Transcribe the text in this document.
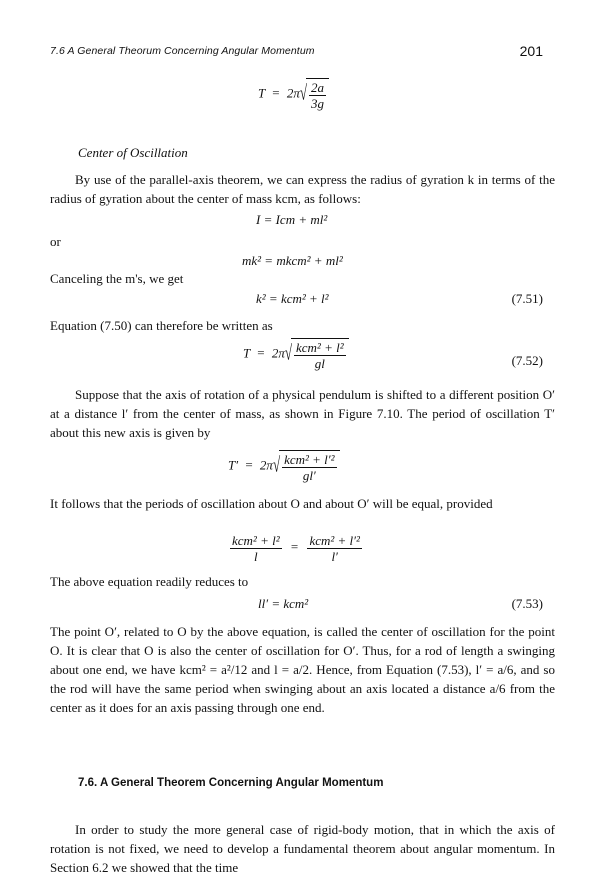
7.6 A General Theorum Concerning Angular Momentum	201
$T = 2\pi√ \frac{2a}{3g}$
Center of Oscillation

By use of the parallel-axis theorem, we can express the radius of gyration k in terms of the radius of gyration about the center of mass kcm, as follows:

I = Icm + ml²
or
mk² = mkcm² + ml²
Canceling the m's, we get
k² = kcm² + l²	(7.51)

Equation (7.50) can therefore be written as

$T = 2\pi√ \frac{\text{kcm² + l²}}{gl}$	(7.52)

Suppose that the axis of rotation of a physical pendulum is shifted to a different position O′ at a distance l′ from the center of mass, as shown in Figure 7.10. The period of oscillation T′ about this new axis is given by

$T' = 2\pi√ \frac{\text{kcm² + l′²}}{gl'}$

It follows that the periods of oscillation about O and about O′ will be equal, provided

$\frac{\text{kcm² + l²}}{l} = \frac{\text{kcm² + l′²}}{l'}$

The above equation readily reduces to

ll′ = kcm²	(7.53)

The point O′, related to O by the above equation, is called the center of oscillation for the point O. It is clear that O is also the center of oscillation for O′. Thus, for a rod of length a swinging about one end, we have kcm² = a²/12 and l = a/2. Hence, from Equation (7.53), l′ = a/6, and so the rod will have the same period when swinging about an axis located a distance a/6 from the center as it does for an axis passing through one end.

7.6. A General Theorem Concerning Angular Momentum

In order to study the more general case of rigid-body motion, that in which the axis of rotation is not fixed, we need to develop a fundamental theorem about angular momentum. In Section 6.2 we showed that the time
